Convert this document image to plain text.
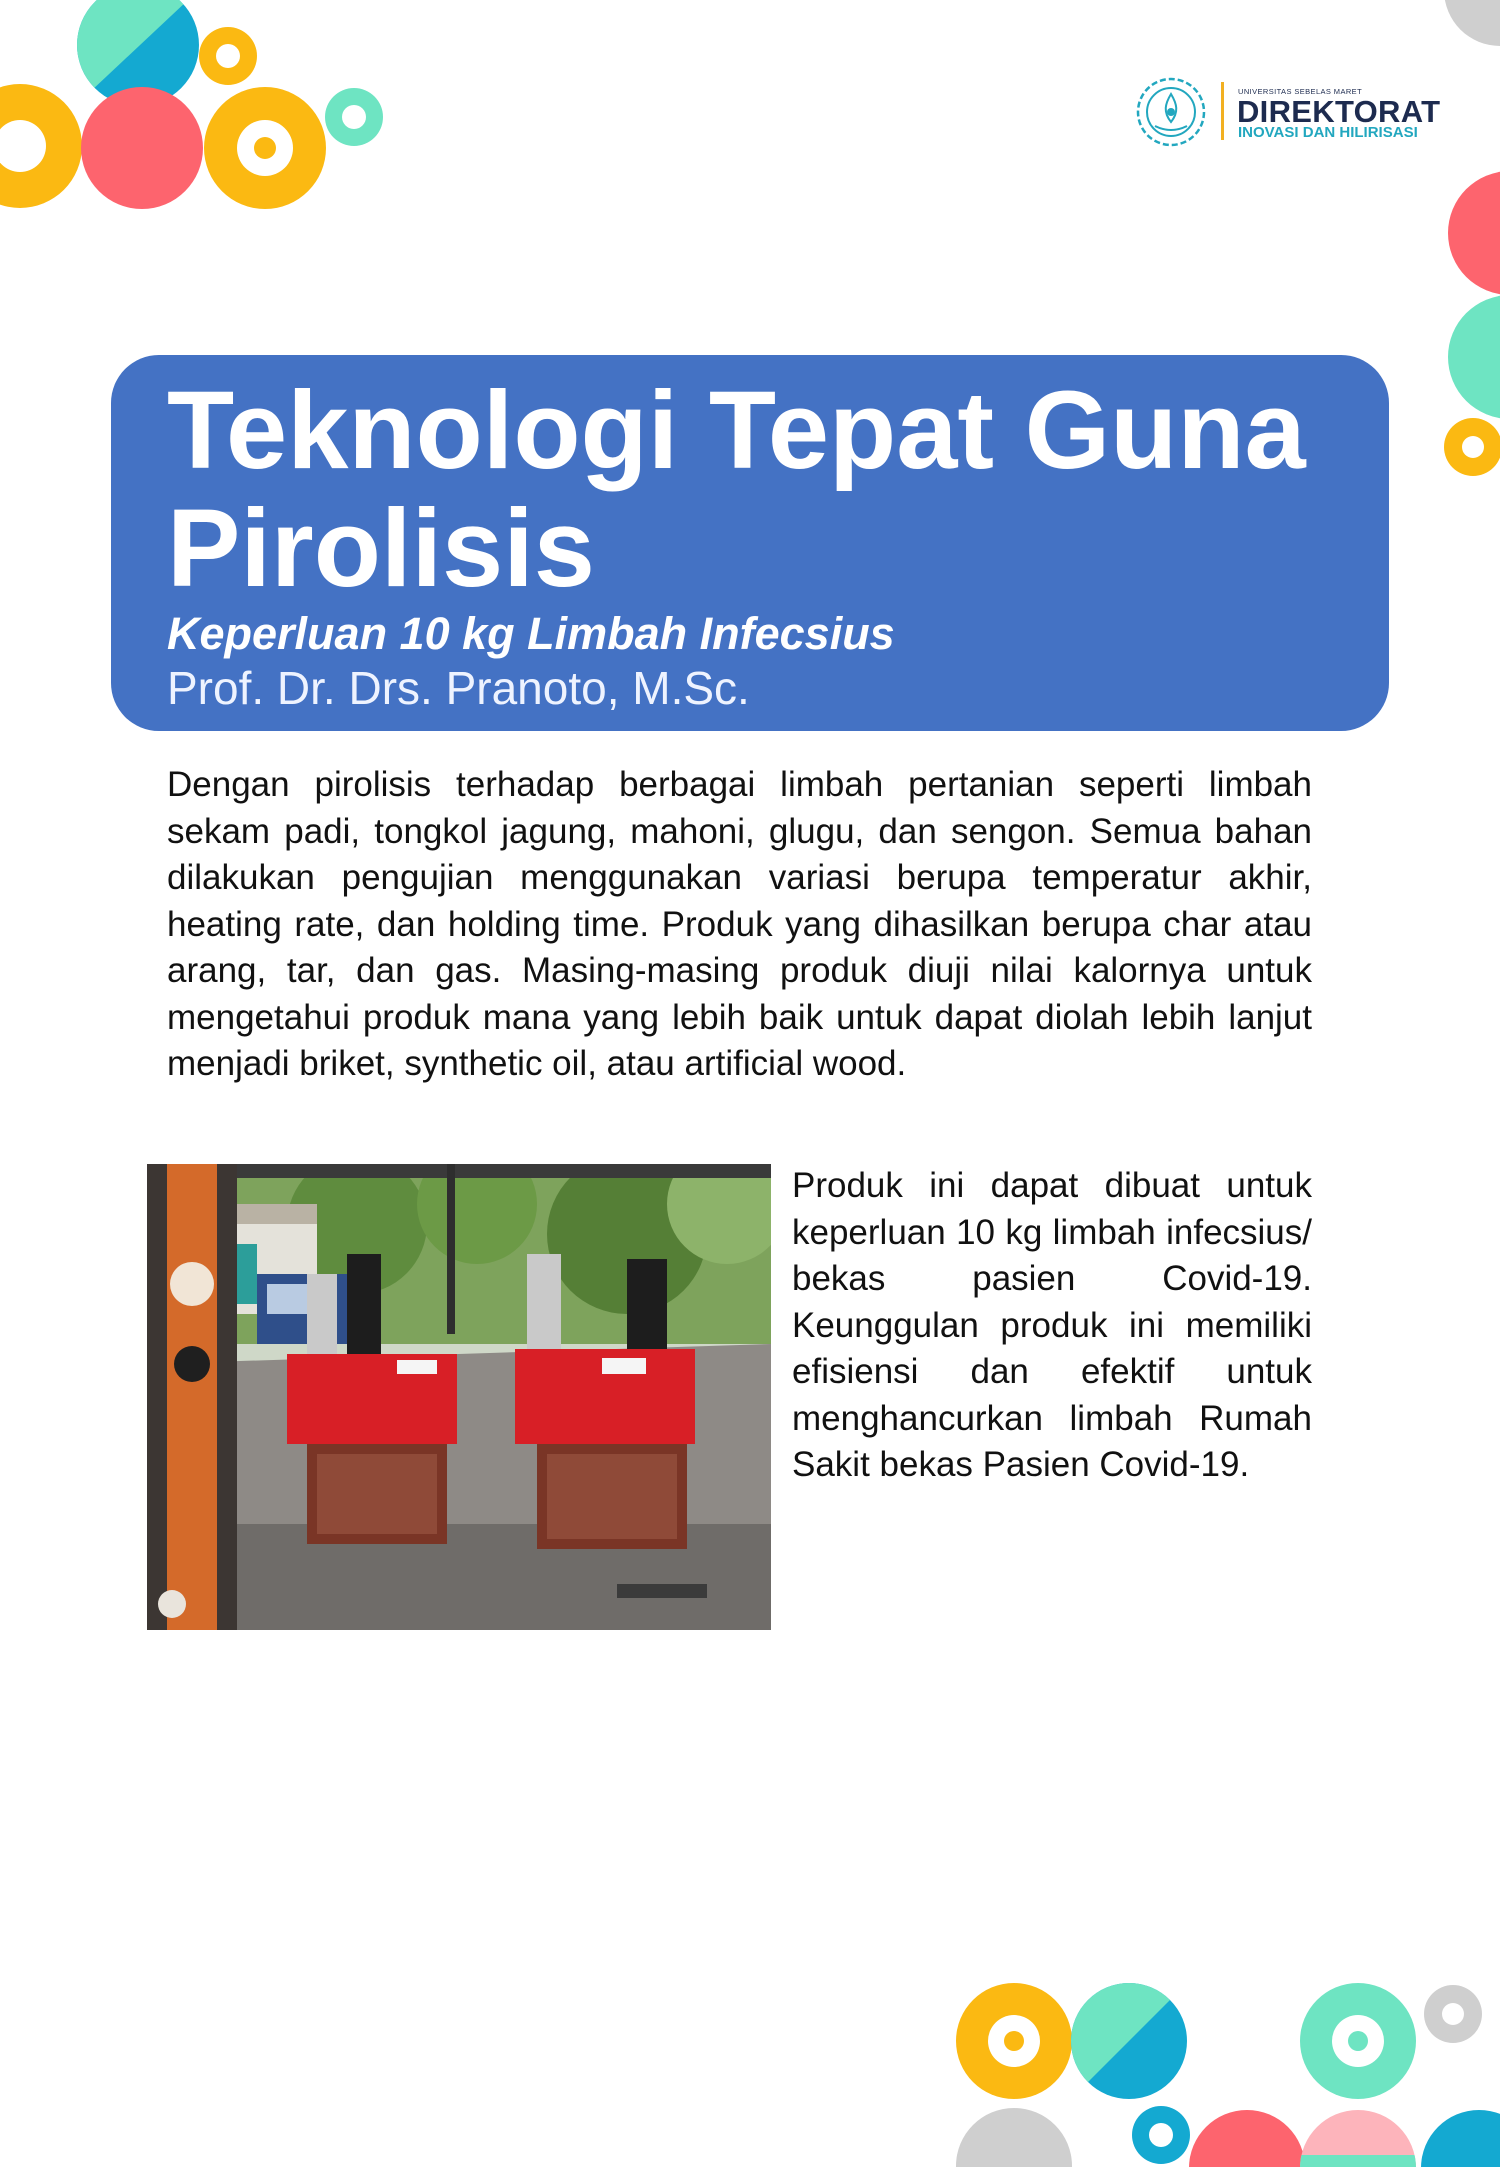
UNIVERSITAS SEBELAS MARET
DIREKTORAT
INOVASI DAN HILIRISASI
Teknologi Tepat Guna Pirolisis

Keperluan 10 kg Limbah Infecsius

Prof. Dr. Drs. Pranoto, M.Sc.

Dengan pirolisis terhadap berbagai limbah pertanian seperti limbah sekam padi, tongkol jagung, mahoni, glugu, dan sengon. Semua bahan dilakukan pengujian menggunakan variasi berupa temperatur akhir, heating rate, dan holding time. Produk yang dihasilkan berupa char atau arang, tar, dan gas. Masing-masing produk diuji nilai kalornya untuk mengetahui produk mana yang lebih baik untuk dapat diolah lebih lanjut menjadi briket, synthetic oil, atau artificial wood.

Produk ini dapat dibuat untuk keperluan 10 kg limbah infecsius/ bekas pasien Covid-19. Keunggulan produk ini memiliki efisiensi dan efektif untuk menghancurkan limbah Rumah Sakit bekas Pasien Covid-19.
